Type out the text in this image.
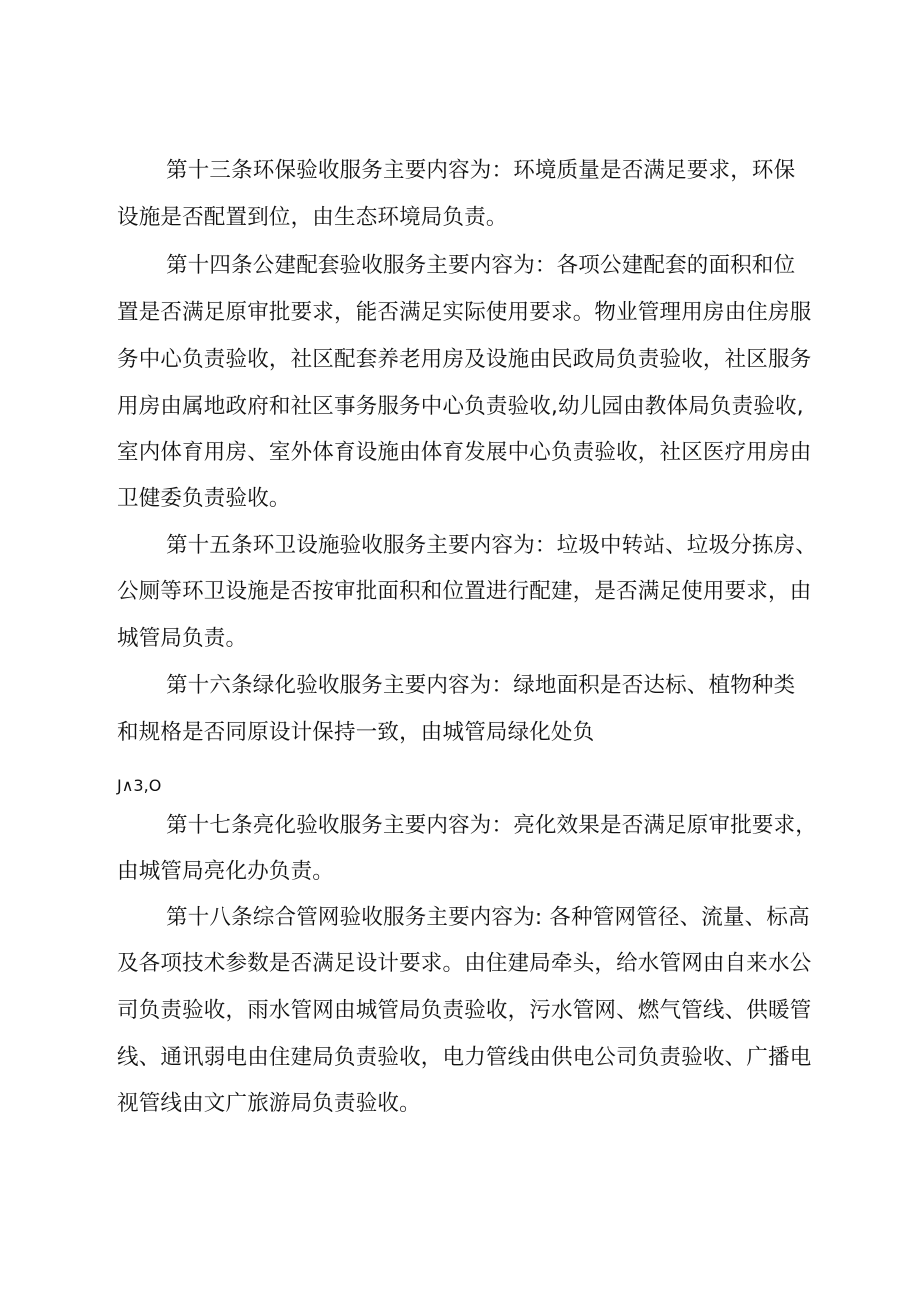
第十三条环保验收服务主要内容为：环境质量是否满足要求，环保
设施是否配置到位，由生态环境局负责。
第十四条公建配套验收服务主要内容为：各项公建配套的面积和位
置是否满足原审批要求，能否满足实际使用要求。物业管理用房由住房服
务中心负责验收，社区配套养老用房及设施由民政局负责验收，社区服务
用房由属地政府和社区事务服务中心负责验收,幼儿园由教体局负责验收,
室内体育用房、室外体育设施由体育发展中心负责验收，社区医疗用房由
卫健委负责验收。
第十五条环卫设施验收服务主要内容为：垃圾中转站、垃圾分拣房、
公厕等环卫设施是否按审批面积和位置进行配建，是否满足使用要求，由
城管局负责。
第十六条绿化验收服务主要内容为：绿地面积是否达标、植物种类
和规格是否同原设计保持一致，由城管局绿化处负
J∧3,O
第十七条亮化验收服务主要内容为：亮化效果是否满足原审批要求，
由城管局亮化办负责。
第十八条综合管网验收服务主要内容为: 各种管网管径、流量、标高
及各项技术参数是否满足设计要求。由住建局牵头，给水管网由自来水公
司负责验收，雨水管网由城管局负责验收，污水管网、燃气管线、供暖管
线、通讯弱电由住建局负责验收，电力管线由供电公司负责验收、广播电
视管线由文广旅游局负责验收。
